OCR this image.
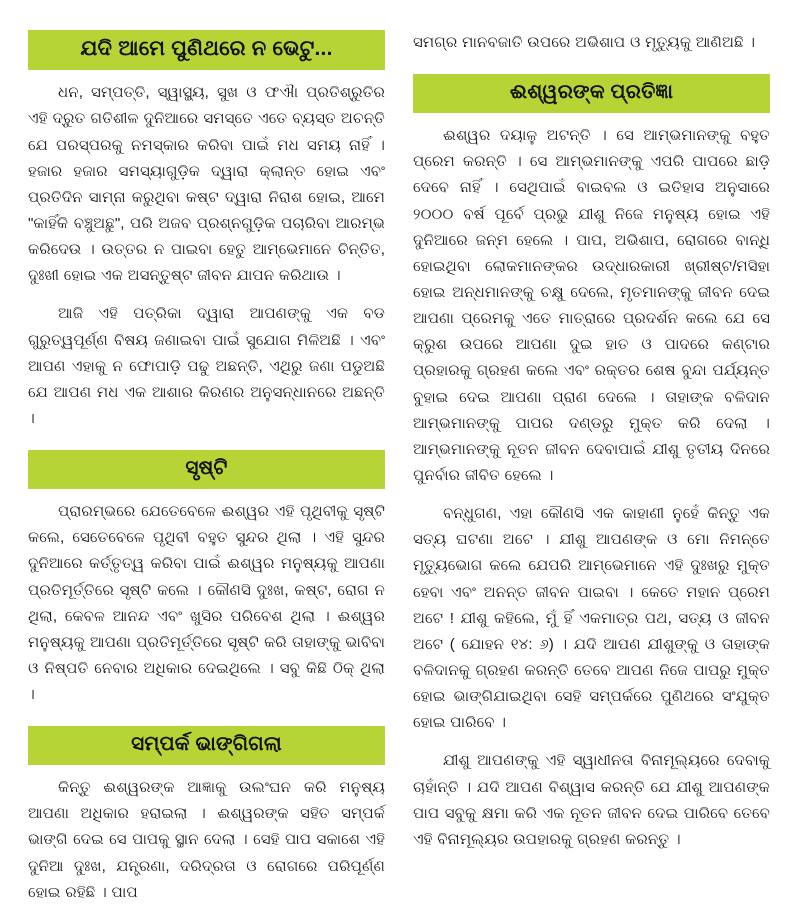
ଯଦି ଆମେ ପୁଣିଥରେ ନ ଭେଟୁ...

ଧନ, ସମ୍ପତ୍ତି, ସ୍ୱାସ୍ଥ୍ୟ, ସୁଖ ଓ ଫଐା ପ୍ରତିଶ୍ରୁତିର ଏହି ଦ୍ରୁତ ଗତିଶୀଳ ଦୁନିଆରେ ସମସ୍ତେ ଏତେ ବ୍ୟସ୍ତ ଅଚନ୍ତି ଯେ ପରସ୍ପରକୁ ନମସ୍କାର କରିବା ପାଇଁ ମଧ ସମୟ ନାହିଁ । ହଜାର ହଜାର ସମସ୍ୟାଗୁଡ଼ିକ ଦ୍ୱାରା କ୍ଲାନ୍ତ ହୋଇ ଏବଂ ପ୍ରତିଦିନ ସାମ୍ନା କରୁଥିବା କଷ୍ଟ ଦ୍ୱାରା ନିରାଶ ହୋଇ, ଆମେ "କାହିଁକି ବଞ୍ଚୁଅଛୁ", ପରି ଅଜବ ପ୍ରଶ୍ନଗୁଡ଼ିକ ପଚାରିବା ଆରମ୍ଭ କରିଦେଉ । ଉତ୍ତର ନ ପାଇବା ହେତୁ ଆମ୍ଭେମାନେ ଚିନ୍ତିତ, ଦୁଃଖୀ ହୋଇ ଏକ ଅସନ୍ତୁଷ୍ଟ ଜୀବନ ଯାପନ କରିଥାଉ ।

ଆଜି ଏହି ପତ୍ରିକା ଦ୍ୱାରା ଆପଣଙ୍କୁ ଏକ ବଡ ଗୁରୁତ୍ୱପୂର୍ଣ୍ଣ ବିଷୟ ଜଣାଇବା ପାଇଁ ସୁଯୋଗ ମିଳିଅଛି । ଏବଂ ଆପଣ ଏହାକୁ ନ ଫୋପାଡ଼ି ପଢୁ ଅଛନ୍ତି, ଏଥିରୁ ଜଣା ପଡୁଅଛି ଯେ ଆପଣ ମଧ ଏକ ଆଶାର କିରଣର ଅନୁସନ୍ଧାନରେ ଅଛନ୍ତି ।

ସୃଷ୍ଟି

ପ୍ରାରମ୍ଭରେ ଯେତେବେଳେ ଈଶ୍ୱର ଏହି ପୃଥିବୀକୁ ସୃଷ୍ଟି କଲେ, ସେତେବେଳେ ପୃଥିବୀ ବହୁତ ସୁନ୍ଦର ଥିଲା । ଏହି ସୁନ୍ଦର ଦୁନିଆରେ କର୍ତ୍ତୃତ୍ୱ କରିବା ପାଇଁ ଈଶ୍ୱର ମନୁଷ୍ୟକୁ ଆପଣା ପ୍ରତିମୂର୍ତ୍ତିରେ ସୃଷ୍ଟି କଲେ । କୌଣସି ଦୁଃଖ, କଷ୍ଟ, ରୋଗ ନ ଥିଲା, କେବଳ ଆନନ୍ଦ ଏବଂ ଖୁସିର ପରିବେଶ ଥିଲା । ଈଶ୍ୱର ମନୁଷ୍ୟକୁ ଆପଣା ପ୍ରତିମୂର୍ତ୍ତିରେ ସୃଷ୍ଟି କରି ତାହାଙ୍କୁ ଭାବିବା ଓ ନିଷ୍ପତି ନେବାର ଅଧିକାର ଦେଇଥିଲେ । ସବୁ କିଛି ଠିକ୍ ଥିଲା ।

ସମ୍ପର୍କ ଭାଙ୍ଗିଗଲା

କିନ୍ତୁ ଈଶ୍ୱରଙ୍କ ଆଜ୍ଞାକୁ ଉଲଂଘନ କରି ମନୁଷ୍ୟ ଆପଣା ଅଧିକାର ହରାଇଲା । ଈଶ୍ୱରଙ୍କ ସହିତ ସମ୍ପର୍କ ଭାଙ୍ଗି ଦେଇ ସେ ପାପକୁ ସ୍ଥାନ ଦେଲା । ସେହି ପାପ ସକାଶେ ଏହି ଦୁନିଆ ଦୁଃଖ, ଯନ୍ତ୍ରଣା, ଦରିଦ୍ରତା ଓ ରୋଗରେ ପରିପୂର୍ଣ୍ଣ ହୋଇ ରହିଛି । ପାପ

ସମଗ୍ର ମାନବଜାତି ଉପରେ ଅଭିଶାପ ଓ ମୃତ୍ୟୁକୁ ଆଣିଅଛି ।

ଈଶ୍ୱରଙ୍କ ପ୍ରତିଜ୍ଞା

ଈଶ୍ୱର ଦୟାଳୁ ଅଟନ୍ତି । ସେ ଆମ୍ଭମାନଙ୍କୁ ବହୁତ ପ୍ରେମ କରନ୍ତି । ସେ ଆମ୍ଭମାନଙ୍କୁ ଏପରି ପାପରେ ଛାଡ଼ି ଦେବେ ନାହିଁ । ସେଥିପାଇଁ ବାଇବଲ ଓ ଇତିହାସ ଅନୁସାରେ ୨୦୦୦ ବର୍ଷ ପୂର୍ବେ ପ୍ରଭୁ ଯୀଶୁ ନିଜେ ମନୁଷ୍ୟ ହୋଇ ଏହି ଦୁନିଆରେ ଜନ୍ମ ହେଲେ । ପାପ, ଅଭିଶାପ, ରୋଗରେ ବାନ୍ଧି ହୋଇଥିବା ଲୋକମାନଙ୍କର ଉଦ୍ଧାରକାରୀ ଖ୍ରୀଷ୍ଟ/ମସିହା ହୋଇ ଅନ୍ଧମାନଙ୍କୁ ଚକ୍ଷୁ ଦେଲେ, ମୃତମାନଙ୍କୁ ଜୀବନ ଦେଇ ଆପଣା ପ୍ରେମକୁ ଏତେ ମାତ୍ରାରେ ପ୍ରଦର୍ଶନ କଲେ ଯେ ସେ କ୍ରୁଶ ଉପରେ ଆପଣା ଦୁଇ ହାତ ଓ ପାଦରେ କଣ୍ଟାର ପ୍ରହାରକୁ ଗ୍ରହଣ କଲେ ଏବଂ ରକ୍ତର ଶେଷ ବୁନ୍ଦା ପର୍ଯ୍ୟନ୍ତ ବୁହାଇ ଦେଇ ଆପଣା ପ୍ରାଣ ଦେଲେ । ତାହାଙ୍କ ବଳିଦାନ ଆମ୍ଭମାନଙ୍କୁ ପାପର ଦଣ୍ଡରୁ ମୁକ୍ତ କରି ଦେଲା । ଆମ୍ଭମାନଙ୍କୁ ନୂତନ ଜୀବନ ଦେବାପାଇଁ ଯୀଶୁ ତୃତୀୟ ଦିନରେ ପୁନର୍ବାର ଜୀବିତ ହେଲେ ।

ବନ୍ଧୁଗଣ, ଏହା କୌଣସି ଏକ କାହାଣୀ ନୁହେଁ କିନ୍ତୁ ଏକ ସତ୍ୟ ଘଟଣା ଅଟେ । ଯୀଶୁ ଆପଣଙ୍କ ଓ ମୋ ନିମନ୍ତେ ମୃତ୍ୟୁଭୋଗ କଲେ ଯେପରି ଆମ୍ଭେମାନେ ଏହି ଦୁଃଖରୁ ମୁକ୍ତ ହେବା ଏବଂ ଅନନ୍ତ ଜୀବନ ପାଇବା । କେତେ ମହାନ ପ୍ରେମ ଅଟେ ! ଯୀଶୁ କହିଲେ, ମୁଁ ହିଁ ଏକମାତ୍ର ପଥ, ସତ୍ୟ ଓ ଜୀବନ ଅଟେ ( ଯୋହନ ୧୪: ୬) । ଯଦି ଆପଣ ଯୀଶୁଙ୍କୁ ଓ ତାହାଙ୍କ ବଳିଦାନକୁ ଗ୍ରହଣ କରନ୍ତି ତେବେ ଆପଣ ନିଜେ ପାପରୁ ମୁକ୍ତ ହୋଇ ଭାଙ୍ଗିଯାଇଥିବା ସେହି ସମ୍ପର୍କରେ ପୁଣିଥରେ ସଂଯୁକ୍ତ ହୋଇ ପାରିବେ ।

ଯୀଶୁ ଆପଣଙ୍କୁ ଏହି ସ୍ୱାଧୀନତା ବିନାମୂଲ୍ୟରେ ଦେବାକୁ ଚାହାଁନ୍ତି । ଯଦି ଆପଣ ବିଶ୍ୱାସ କରନ୍ତି ଯେ ଯୀଶୁ ଆପଣଙ୍କ ପାପ ସବୁକୁ କ୍ଷମା କରି ଏକ ନୂତନ ଜୀବନ ଦେଇ ପାରିବେ ତେବେ ଏହି ବିନାମୂଲ୍ୟର ଉପହାରକୁ ଗ୍ରହଣ କରନ୍ତୁ ।
